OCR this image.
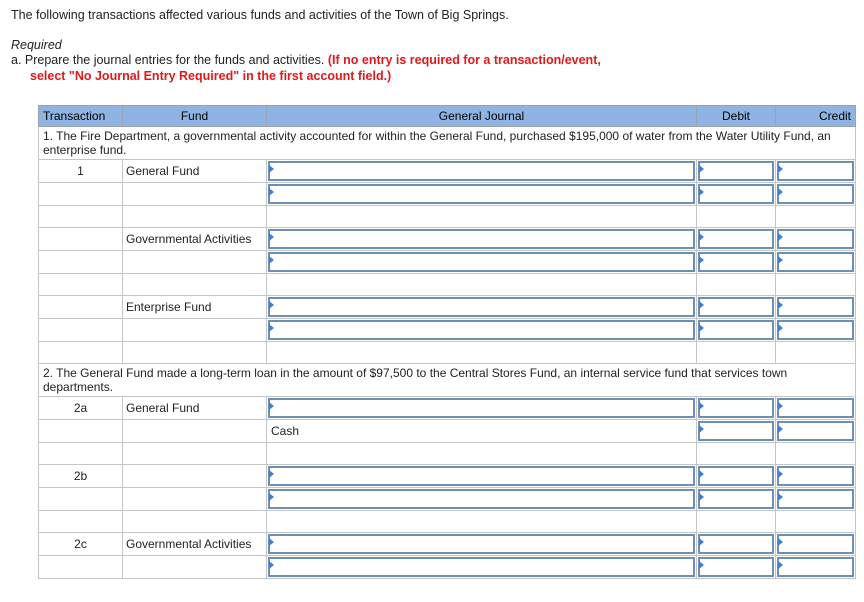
The following transactions affected various funds and activities of the Town of Big Springs.
Required
a. Prepare the journal entries for the funds and activities. (If no entry is required for a transaction/event,
select "No Journal Entry Required" in the first account field.)
Transaction	Fund	General Journal	Debit	Credit
1. The Fire Department, a governmental activity accounted for within the General Fund, purchased $195,000 of water from the Water Utility Fund, an enterprise fund.				
1	General Fund	

	Governmental Activities	

	Enterprise Fund	

2. The General Fund made a long-term loan in the amount of $97,500 to the Central Stores Fund, an internal service fund that services town departments.				
2a	General Fund	

		Cash		

2b		

2c	Governmental Activities	
